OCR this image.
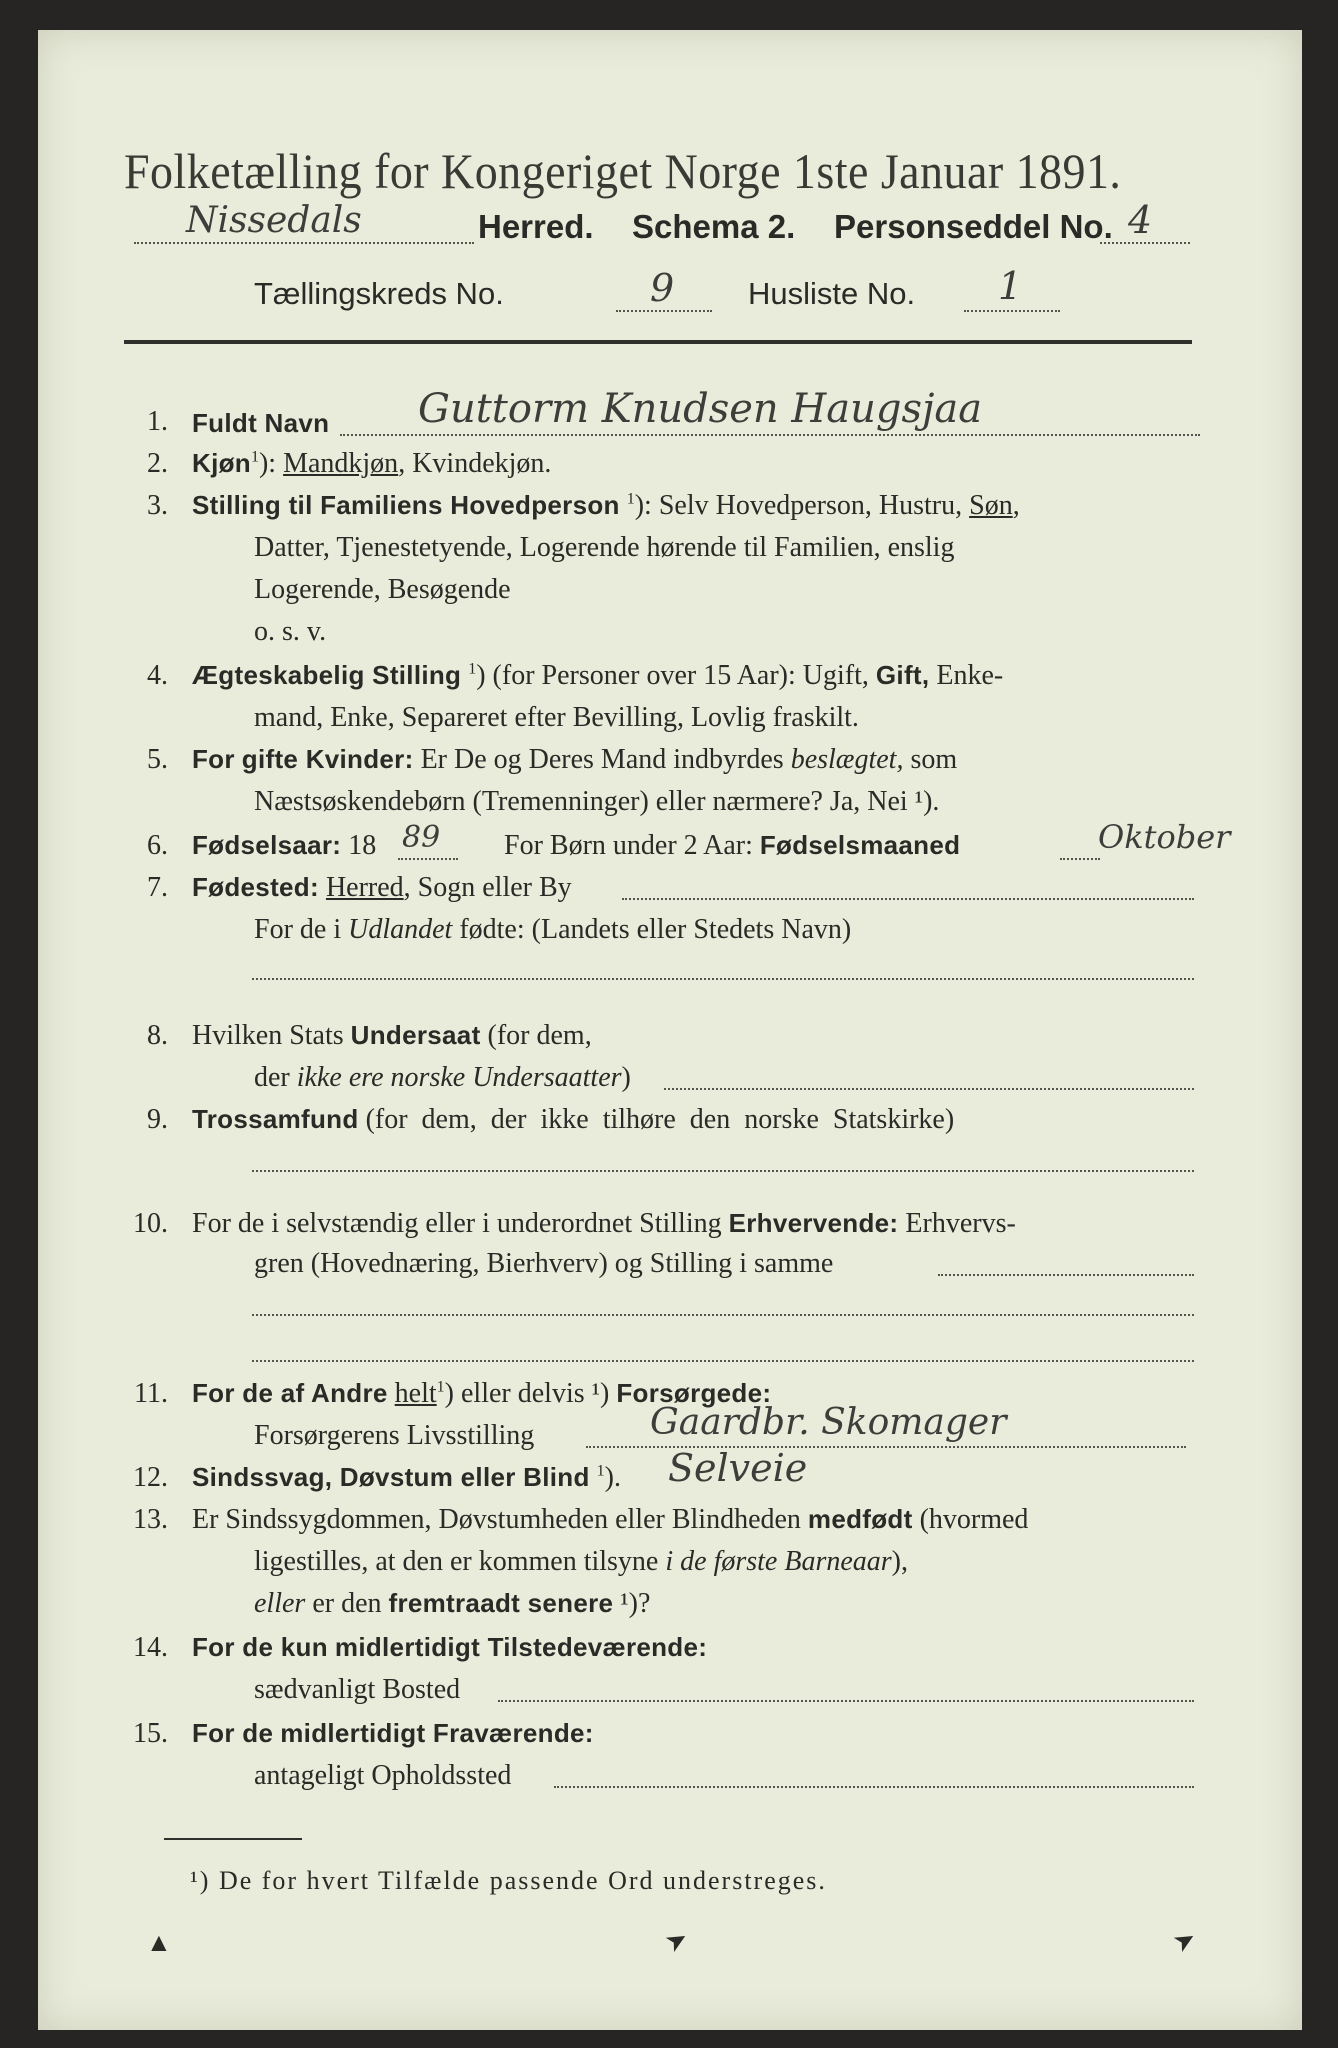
Folketælling for Kongeriget Norge 1ste Januar 1891.
Nissedals	Herred. Schema 2. Personseddel No. 4
Tællingskreds No.	9 Husliste No. 1
1. Fuldt Navn Guttorm Knudsen Haugsjaa
2. Kjøn$^1$): Mandkjøn, Kvindekjøn.
3. Stilling til Familiens Hovedperson $^1$): Selv Hovedperson, Hustru, Søn,
Datter, Tjenestetyende, Logerende hørende til Familien, enslig
Logerende, Besøgende
o. s. v.
4. Ægteskabelig Stilling $^1$) (for Personer over 15 Aar): Ugift, Gift, Enke-
mand, Enke, Separeret efter Bevilling, Lovlig fraskilt.
5. For gifte Kvinder: Er De og Deres Mand indbyrdes beslægtet, som
Næstsøskendebørn (Tremenninger) eller nærmere? Ja, Nei ¹).
6. Fødselsaar: 18 89 For Børn under 2 Aar: Fødselsmaaned	Oktober
7. Fødested: Herred, Sogn eller By
For de i Udlandet fødte: (Landets eller Stedets Navn)
8. Hvilken Stats Undersaat (for dem,
der ikke ere norske Undersaatter)
9. Trossamfund (for  dem,  der  ikke  tilhøre  den  norske  Statskirke)
10. For de i selvstændig eller i underordnet Stilling Erhvervende: Erhvervs-
gren (Hovednæring, Bierhverv) og Stilling i samme
11. For de af Andre helt$^1$) eller delvis ¹) Forsørgede:
Forsørgerens Livsstilling	Gaardbr. Skomager
12. Sindssvag, Døvstum eller Blind $^1$). Selveie
13. Er Sindssygdommen, Døvstumheden eller Blindheden medfødt (hvormed
ligestilles, at den er kommen tilsyne i de første Barneaar),
eller er den fremtraadt senere ¹)?
14. For de kun midlertidigt Tilstedeværende:
sædvanligt Bosted
15. For de midlertidigt Fraværende:
antageligt Opholdssted
¹) De for hvert Tilfælde passende Ord understreges.
▲	➤	➤
